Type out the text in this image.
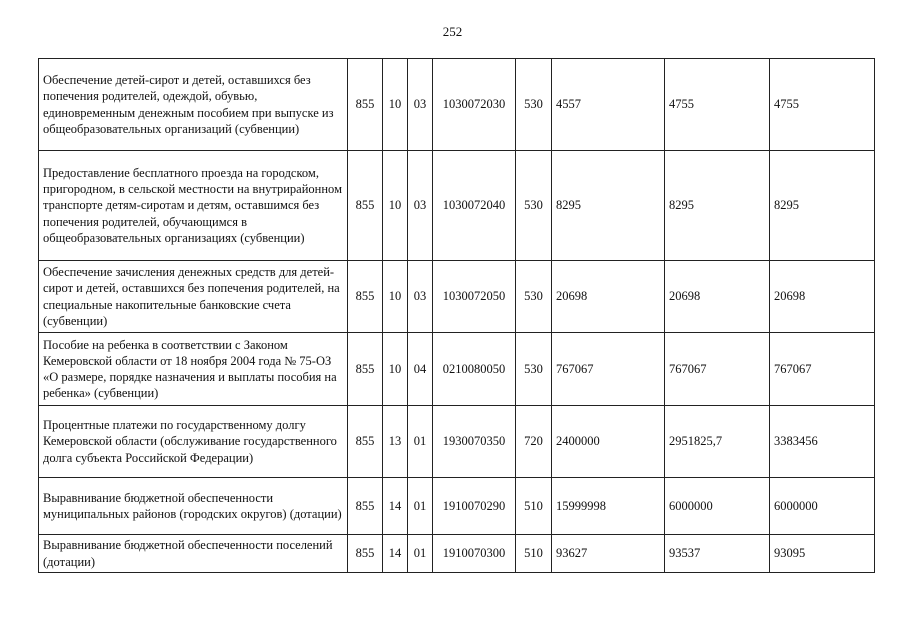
252
Обеспечение детей-сирот и детей, оставшихся без попечения родителей, одеждой, обувью, единовременным денежным пособием при выпуске из общеобразовательных организаций (субвенции)	855	10	03	1030072030	530	4557	4755	4755
Предоставление бесплатного проезда на городском, пригородном, в сельской местности на внутрирайонном транспорте детям-сиротам и детям, оставшимся без попечения родителей, обучающимся в общеобразовательных организациях (субвенции)	855	10	03	1030072040	530	8295	8295	8295
Обеспечение зачисления денежных средств для детей-сирот и детей, оставшихся без попечения родителей, на специальные накопительные банковские счета (субвенции)	855	10	03	1030072050	530	20698	20698	20698
Пособие на ребенка в соответствии с Законом Кемеровской области от 18 ноября 2004 года № 75-ОЗ «О размере, порядке назначения и выплаты пособия на ребенка» (субвенции)	855	10	04	0210080050	530	767067	767067	767067
Процентные платежи по государственному долгу Кемеровской области (обслуживание государственного долга субъекта Российской Федерации)	855	13	01	1930070350	720	2400000	2951825,7	3383456
Выравнивание бюджетной обеспеченности муниципальных районов (городских округов) (дотации)	855	14	01	1910070290	510	15999998	6000000	6000000
Выравнивание бюджетной обеспеченности поселений (дотации)	855	14	01	1910070300	510	93627	93537	93095
